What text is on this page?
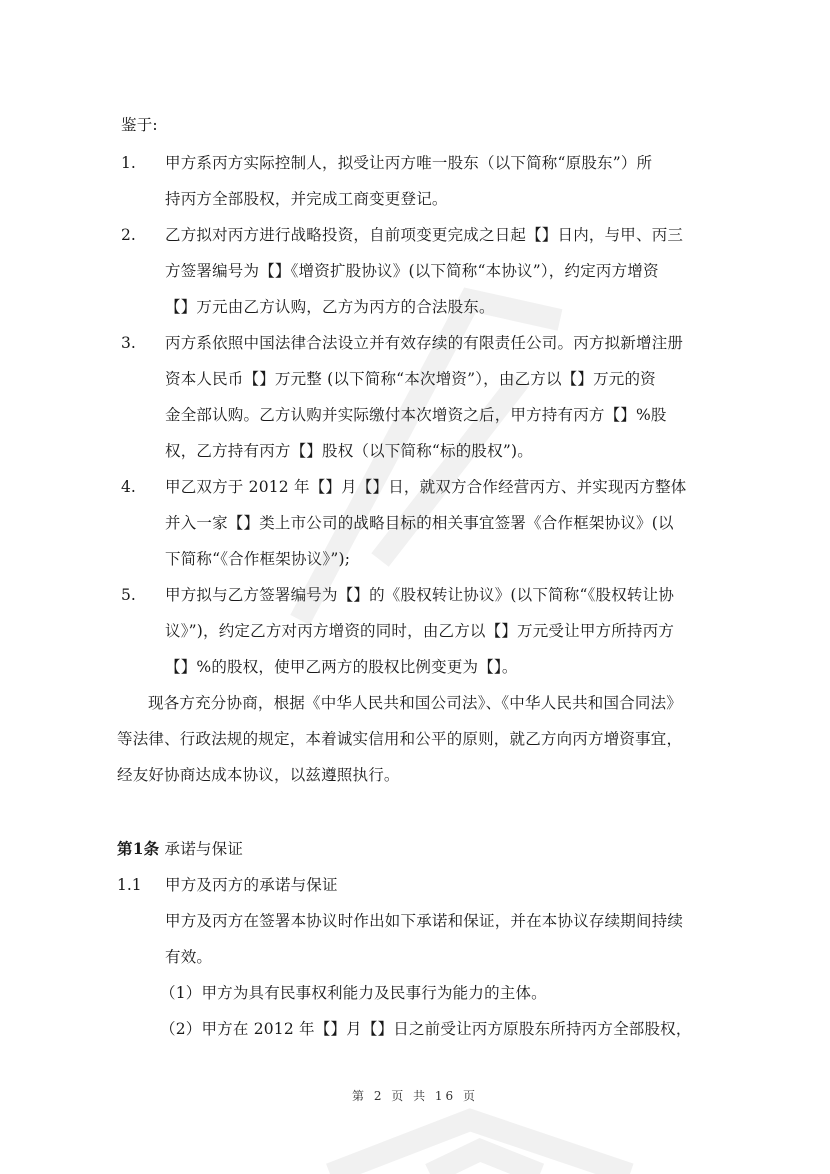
鉴于:
1. 甲方系丙方实际控制人，拟受让丙方唯一股东（以下简称“原股东”）所
持丙方全部股权，并完成工商变更登记。
2. 乙方拟对丙方进行战略投资，自前项变更完成之日起【】日内，与甲、丙三
方签署编号为【】《增资扩股协议》(以下简称“本协议”），约定丙方增资
【】万元由乙方认购，乙方为丙方的合法股东。
3. 丙方系依照中国法律合法设立并有效存续的有限责任公司。丙方拟新增注册
资本人民币【】万元整 (以下简称“本次增资”），由乙方以【】万元的资
金全部认购。乙方认购并实际缴付本次增资之后，甲方持有丙方【】%股
权，乙方持有丙方【】股权（以下简称“标的股权”)。
4. 甲乙双方于 2012 年【】月【】日，就双方合作经营丙方、并实现丙方整体
并入一家【】类上市公司的战略目标的相关事宜签署《合作框架协议》(以
下简称“《合作框架协议》”);
5. 甲方拟与乙方签署编号为【】的《股权转让协议》(以下简称“《股权转让协
议》”)，约定乙方对丙方增资的同时，由乙方以【】万元受让甲方所持丙方
【】%的股权，使甲乙两方的股权比例变更为【】。
现各方充分协商，根据《中华人民共和国公司法》、《中华人民共和国合同法》
等法律、行政法规的规定，本着诚实信用和公平的原则，就乙方向丙方增资事宜，
经友好协商达成本协议，以兹遵照执行。
第1条 承诺与保证
1.1 甲方及丙方的承诺与保证
甲方及丙方在签署本协议时作出如下承诺和保证，并在本协议存续期间持续
有效。
（1）甲方为具有民事权利能力及民事行为能力的主体。
（2）甲方在 2012 年【】月【】日之前受让丙方原股东所持丙方全部股权，
第 2 页 共 16 页
